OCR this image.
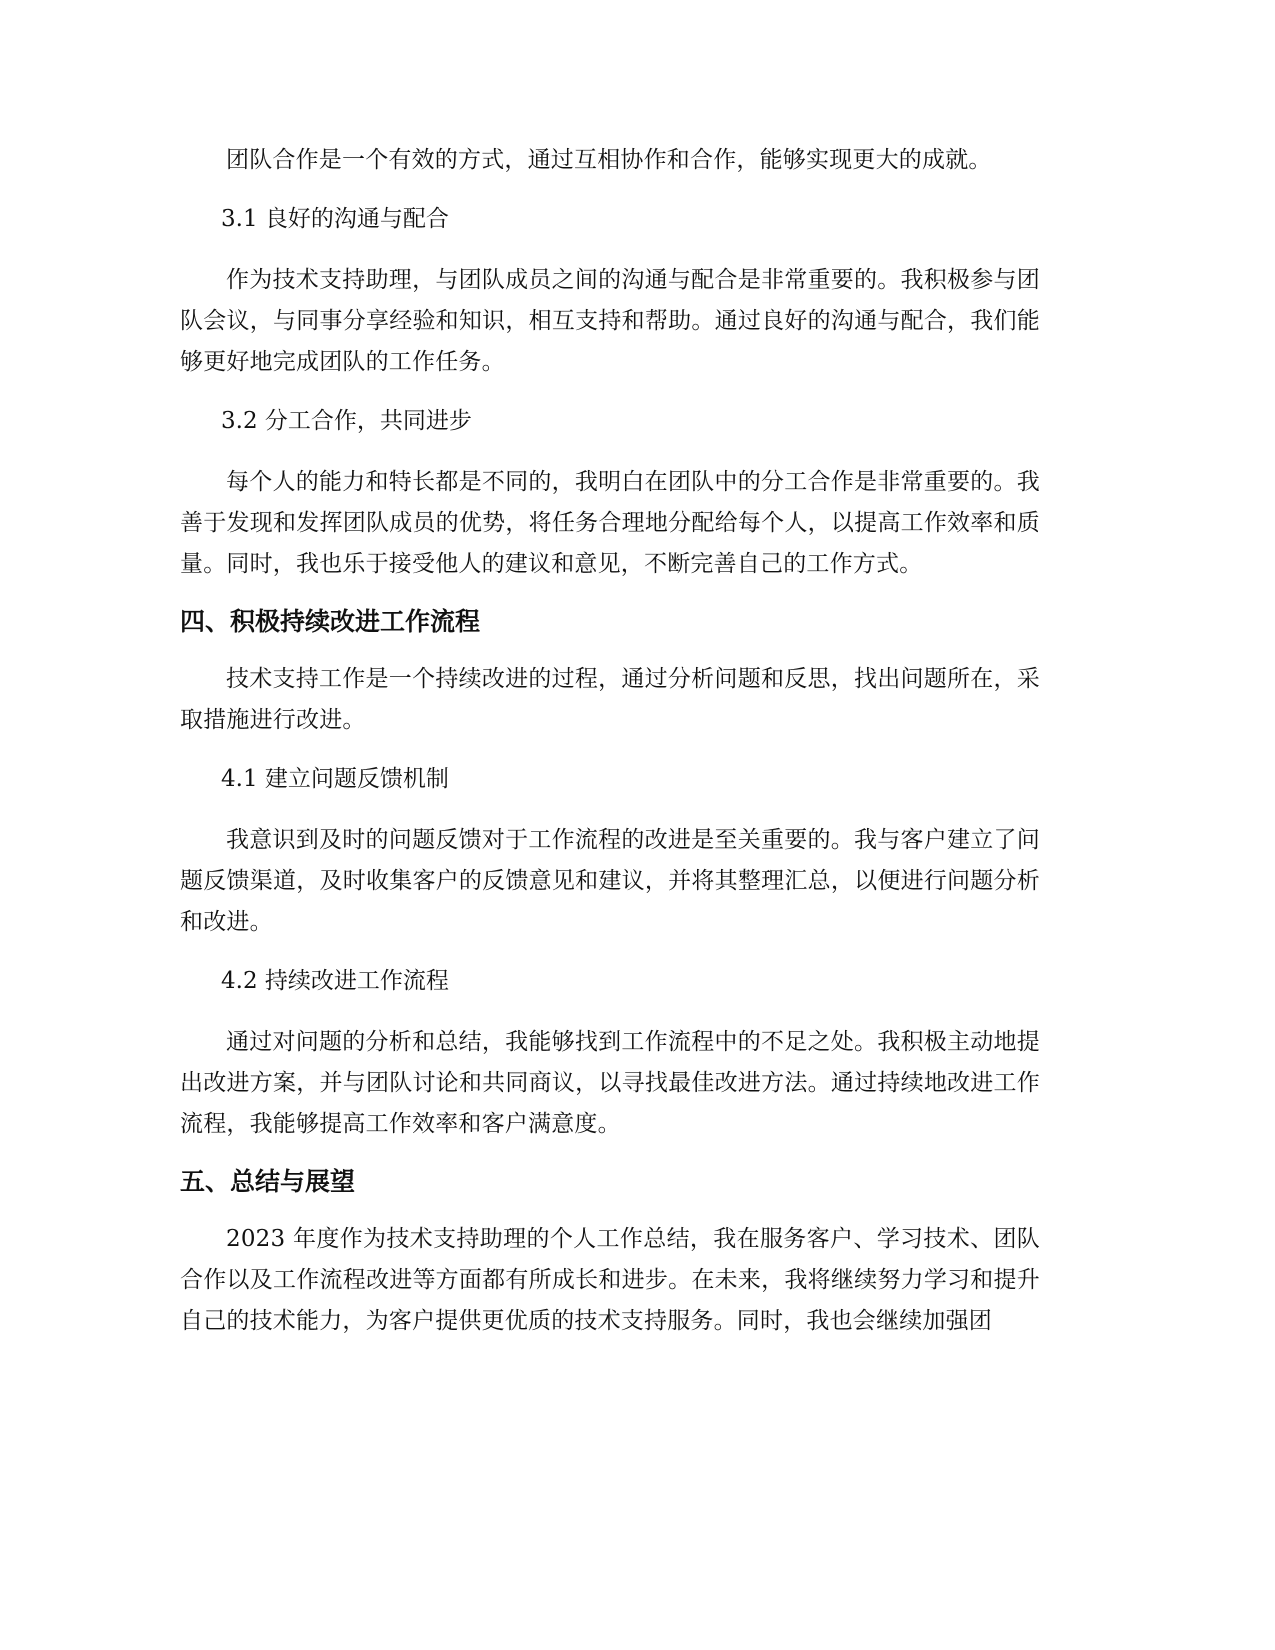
团队合作是一个有效的方式，通过互相协作和合作，能够实现更大的成就。

3.1 良好的沟通与配合

作为技术支持助理，与团队成员之间的沟通与配合是非常重要的。我积极参与团队会议，与同事分享经验和知识，相互支持和帮助。通过良好的沟通与配合，我们能够更好地完成团队的工作任务。

3.2 分工合作，共同进步

每个人的能力和特长都是不同的，我明白在团队中的分工合作是非常重要的。我善于发现和发挥团队成员的优势，将任务合理地分配给每个人，以提高工作效率和质量。同时，我也乐于接受他人的建议和意见，不断完善自己的工作方式。

四、积极持续改进工作流程

技术支持工作是一个持续改进的过程，通过分析问题和反思，找出问题所在，采取措施进行改进。

4.1 建立问题反馈机制

我意识到及时的问题反馈对于工作流程的改进是至关重要的。我与客户建立了问题反馈渠道，及时收集客户的反馈意见和建议，并将其整理汇总，以便进行问题分析和改进。

4.2 持续改进工作流程

通过对问题的分析和总结，我能够找到工作流程中的不足之处。我积极主动地提出改进方案，并与团队讨论和共同商议，以寻找最佳改进方法。通过持续地改进工作流程，我能够提高工作效率和客户满意度。

五、总结与展望

2023 年度作为技术支持助理的个人工作总结，我在服务客户、学习技术、团队合作以及工作流程改进等方面都有所成长和进步。在未来，我将继续努力学习和提升自己的技术能力，为客户提供更优质的技术支持服务。同时，我也会继续加强团
